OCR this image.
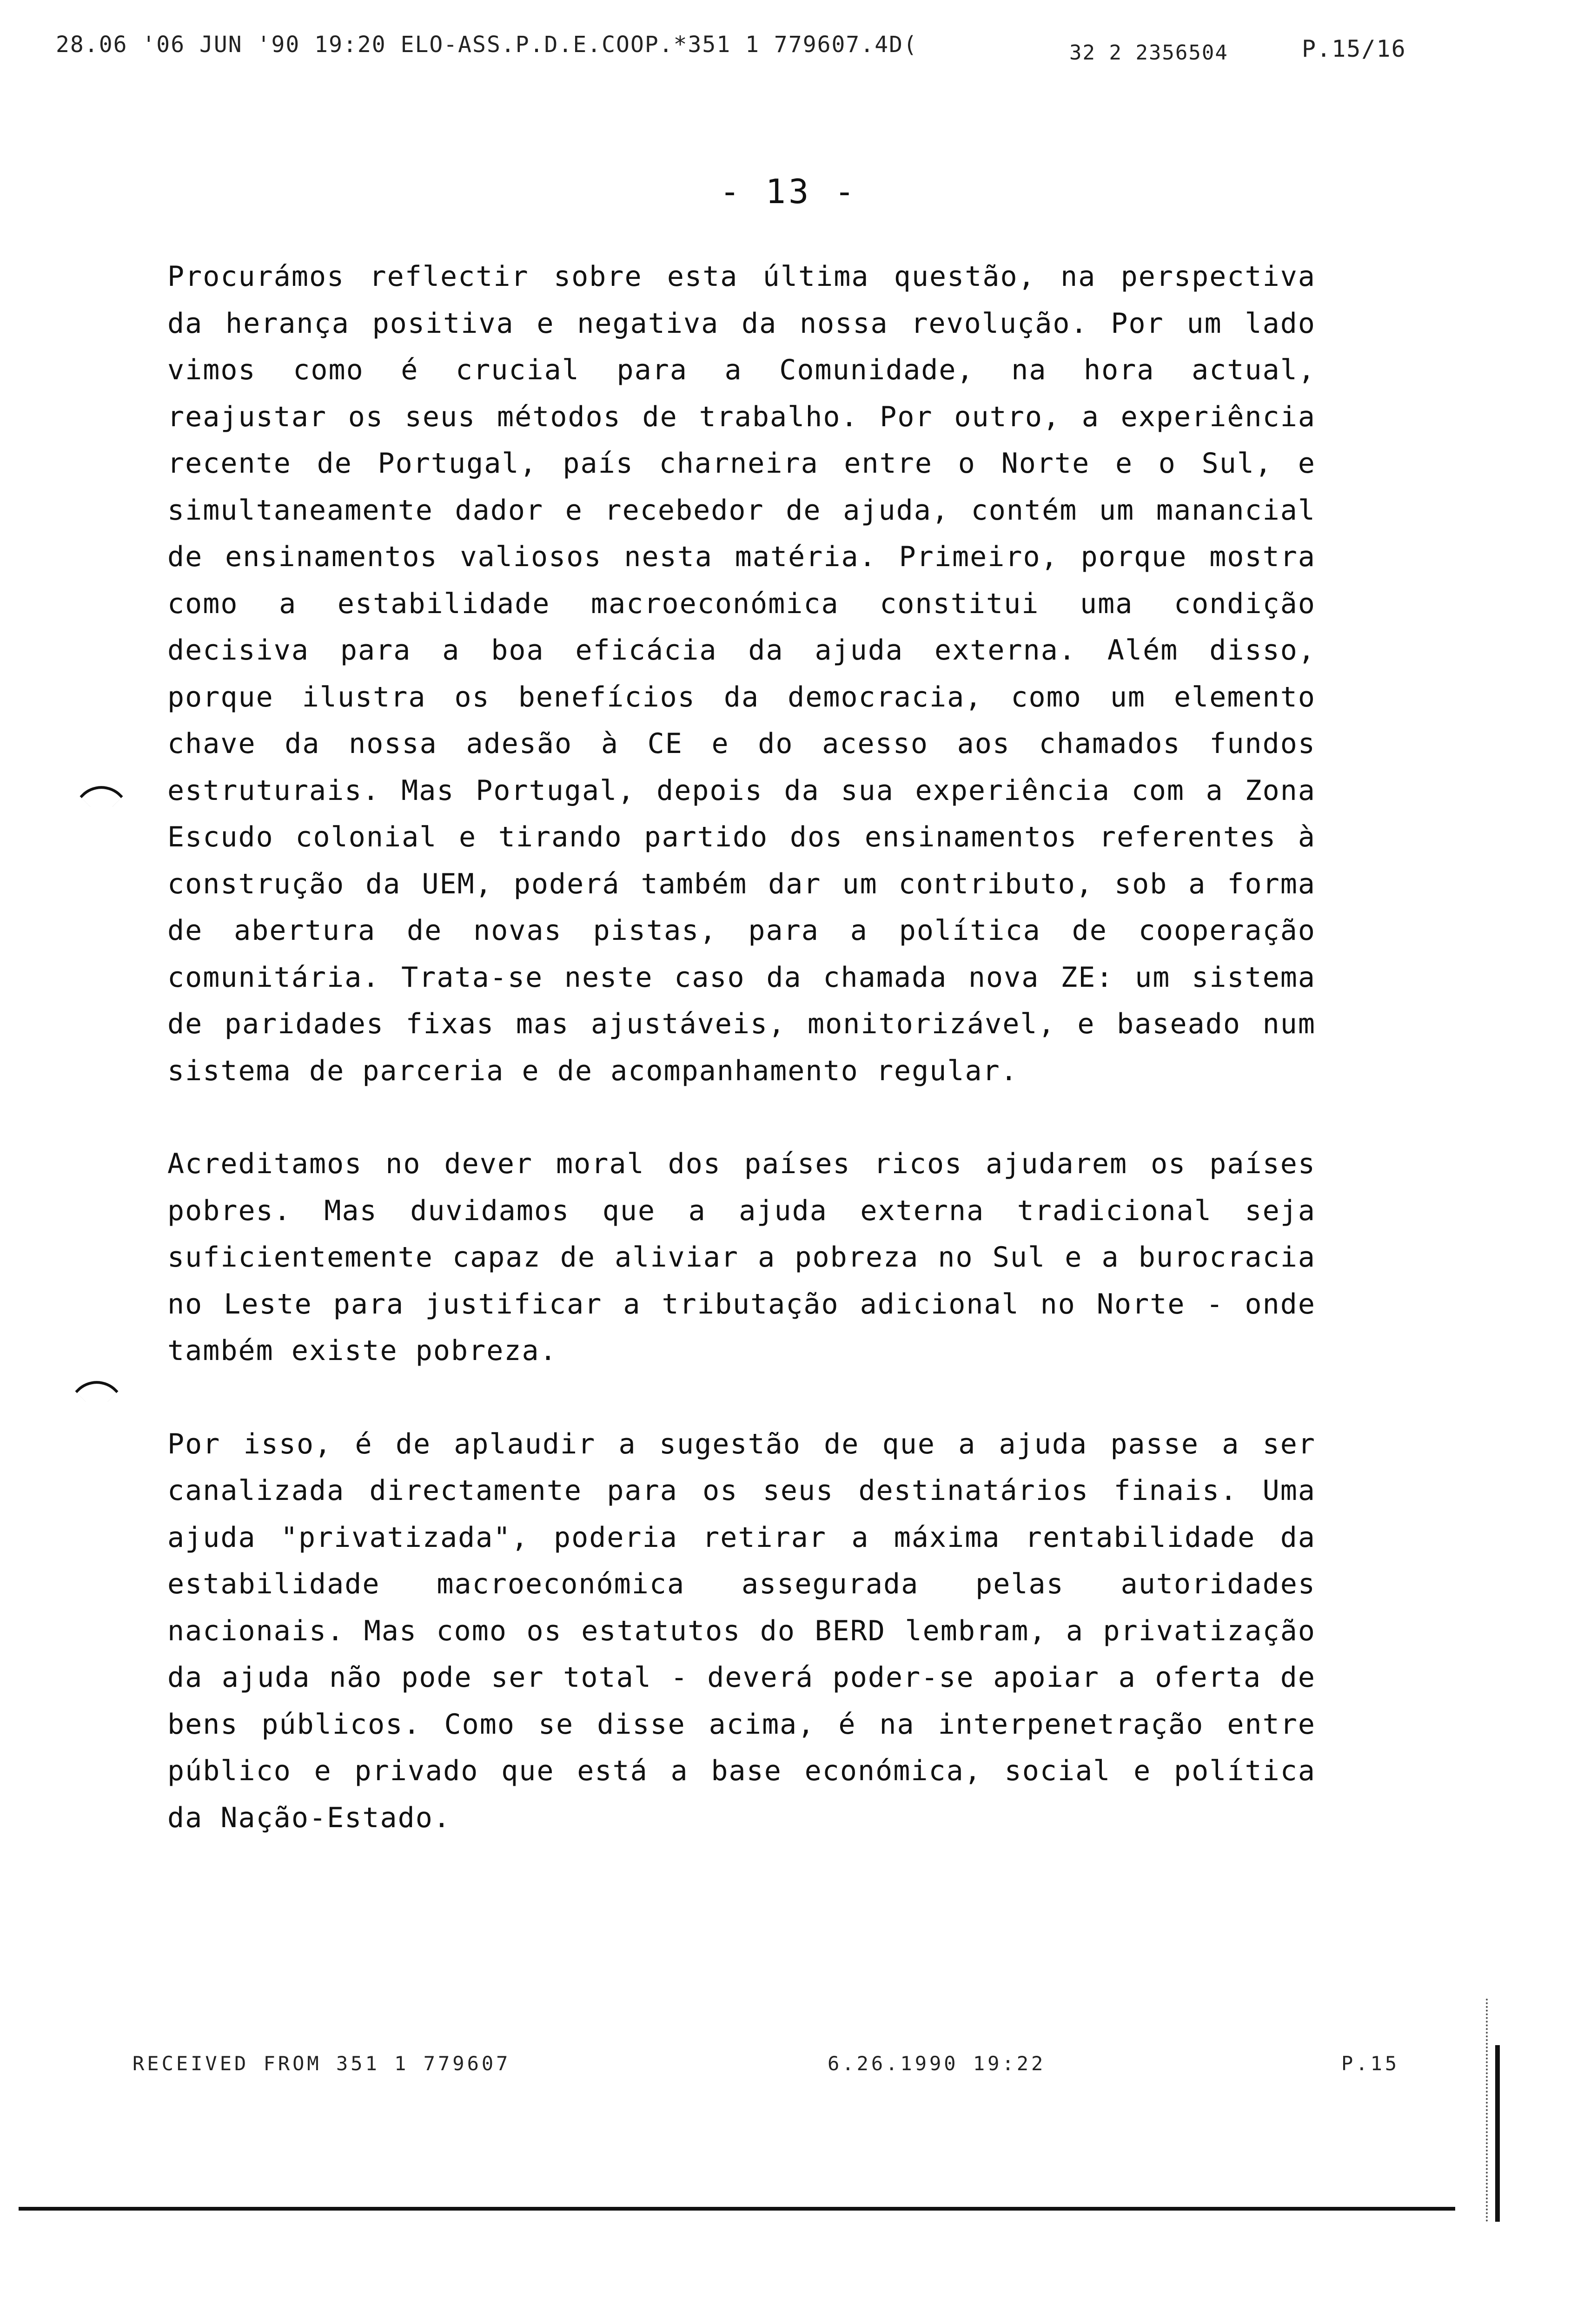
28.06 '06 JUN '90 19:20 ELO-ASS.P.D.E.COOP.*351 1 779607.4D(	32 2 2356504	P.15/16
- 13 -

Procurámos reflectir sobre esta última questão, na perspectiva da herança positiva e negativa da nossa revolução. Por um lado vimos como é crucial para a Comunidade, na hora actual, reajustar os seus métodos de trabalho. Por outro, a experiência recente de Portugal, país charneira entre o Norte e o Sul, e simultaneamente dador e recebedor de ajuda, contém um manancial de ensinamentos valiosos nesta matéria. Primeiro, porque mostra como a estabilidade macroeconómica constitui uma condição decisiva para a boa eficácia da ajuda externa. Além disso, porque ilustra os benefícios da democracia, como um elemento chave da nossa adesão à CE e do acesso aos chamados fundos estruturais. Mas Portugal, depois da sua experiência com a Zona Escudo colonial e tirando partido dos ensinamentos referentes à construção da UEM, poderá também dar um contributo, sob a forma de abertura de novas pistas, para a política de cooperação comunitária. Trata-se neste caso da chamada nova ZE: um sistema de paridades fixas mas ajustáveis, monitorizável, e baseado num sistema de parceria e de acompanhamento regular.

Acreditamos no dever moral dos países ricos ajudarem os países pobres. Mas duvidamos que a ajuda externa tradicional seja suficientemente capaz de aliviar a pobreza no Sul e a burocracia no Leste para justificar a tributação adicional no Norte - onde também existe pobreza.

Por isso, é de aplaudir a sugestão de que a ajuda passe a ser canalizada directamente para os seus destinatários finais. Uma ajuda "privatizada", poderia retirar a máxima rentabilidade da estabilidade macroeconómica assegurada pelas autoridades nacionais. Mas como os estatutos do BERD lembram, a privatização da ajuda não pode ser total - deverá poder-se apoiar a oferta de bens públicos. Como se disse acima, é na interpenetração entre público e privado que está a base económica, social e política da Nação-Estado.

RECEIVED FROM 351 1 779607	6.26.1990 19:22	P.15
